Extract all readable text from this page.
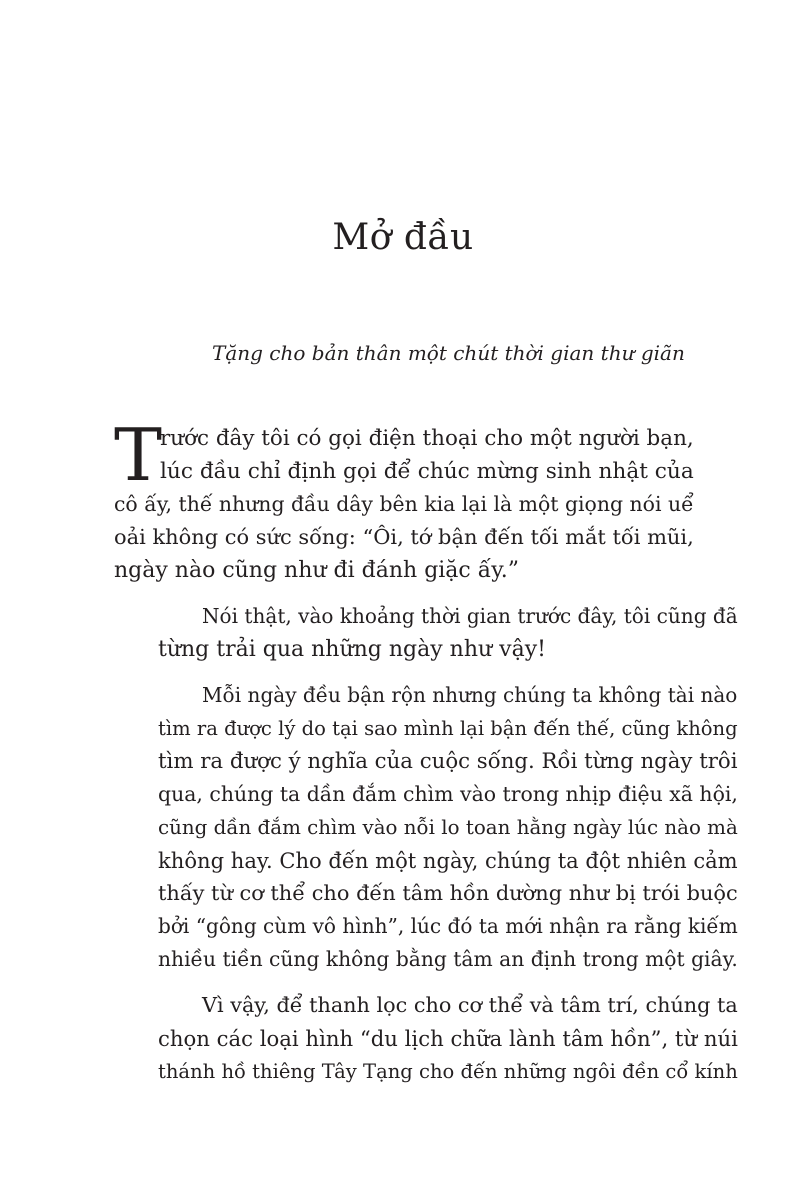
Mở đầu

Tặng cho bản thân một chút thời gian thư giãn

T
rước đây tôi có gọi điện thoại cho một người bạn,
lúc đầu chỉ định gọi để chúc mừng sinh nhật của
cô ấy, thế nhưng đầu dây bên kia lại là một giọng nói uể
oải không có sức sống: “Ôi, tớ bận đến tối mắt tối mũi,
ngày nào cũng như đi đánh giặc ấy.”
Nói thật, vào khoảng thời gian trước đây, tôi cũng đã
từng trải qua những ngày như vậy!
Mỗi ngày đều bận rộn nhưng chúng ta không tài nào
tìm ra được lý do tại sao mình lại bận đến thế, cũng không
tìm ra được ý nghĩa của cuộc sống. Rồi từng ngày trôi
qua, chúng ta dần đắm chìm vào trong nhịp điệu xã hội,
cũng dần đắm chìm vào nỗi lo toan hằng ngày lúc nào mà
không hay. Cho đến một ngày, chúng ta đột nhiên cảm
thấy từ cơ thể cho đến tâm hồn dường như bị trói buộc
bởi “gông cùm vô hình”, lúc đó ta mới nhận ra rằng kiếm
nhiều tiền cũng không bằng tâm an định trong một giây.
Vì vậy, để thanh lọc cho cơ thể và tâm trí, chúng ta
chọn các loại hình “du lịch chữa lành tâm hồn”, từ núi
thánh hồ thiêng Tây Tạng cho đến những ngôi đền cổ kính
